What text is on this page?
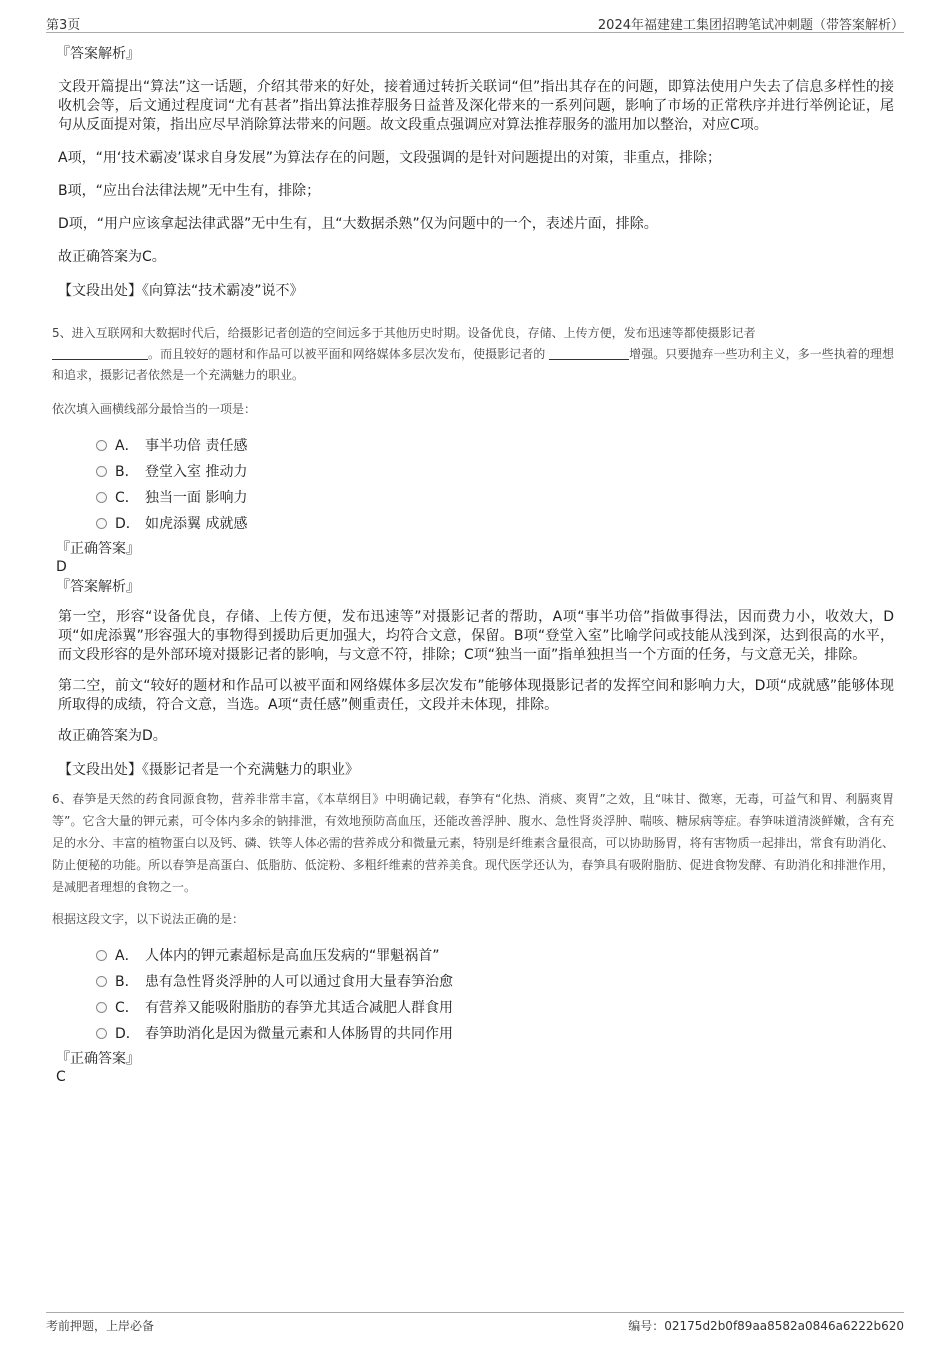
第3页	2024年福建建工集团招聘笔试冲刺题（带答案解析）

『答案解析』

文段开篇提出“算法”这一话题，介绍其带来的好处，接着通过转折关联词“但”指出其存在的问题，即算法使用户失去了信息多样性的接收机会等，后文通过程度词“尤有甚者”指出算法推荐服务日益普及深化带来的一系列问题，影响了市场的正常秩序并进行举例论证，尾句从反面提对策，指出应尽早消除算法带来的问题。故文段重点强调应对算法推荐服务的滥用加以整治，对应C项。

A项，“用‘技术霸凌’谋求自身发展”为算法存在的问题，文段强调的是针对问题提出的对策，非重点，排除；

B项，“应出台法律法规”无中生有，排除；

D项，“用户应该拿起法律武器”无中生有，且“大数据杀熟”仅为问题中的一个，表述片面，排除。

故正确答案为C。

【文段出处】《向算法“技术霸凌”说不》

5、进入互联网和大数据时代后，给摄影记者创造的空间远多于其他历史时期。设备优良，存储、上传方便，发布迅速等都使摄影记者
。而且较好的题材和作品可以被平面和网络媒体多层次发布，使摄影记者的	增强。只要抛弃一些功利主义，多一些执着的理想和追求，摄影记者依然是一个充满魅力的职业。

依次填入画横线部分最恰当的一项是：

A． 事半功倍 责任感
B． 登堂入室 推动力
C． 独当一面 影响力
D． 如虎添翼 成就感

『正确答案』

D

『答案解析』

第一空，形容“设备优良，存储、上传方便，发布迅速等”对摄影记者的帮助，A项“事半功倍”指做事得法，因而费力小，收效大，D项“如虎添翼”形容强大的事物得到援助后更加强大，均符合文意，保留。B项“登堂入室”比喻学问或技能从浅到深，达到很高的水平，而文段形容的是外部环境对摄影记者的影响，与文意不符，排除；C项“独当一面”指单独担当一个方面的任务，与文意无关，排除。

第二空，前文“较好的题材和作品可以被平面和网络媒体多层次发布”能够体现摄影记者的发挥空间和影响力大，D项“成就感”能够体现所取得的成绩，符合文意，当选。A项“责任感”侧重责任，文段并未体现，排除。

故正确答案为D。

【文段出处】《摄影记者是一个充满魅力的职业》

6、春笋是天然的药食同源食物，营养非常丰富，《本草纲目》中明确记载，春笋有“化热、消痰、爽胃”之效，且“味甘、微寒，无毒，可益气和胃、利膈爽胃等”。它含大量的钾元素，可令体内多余的钠排泄，有效地预防高血压，还能改善浮肿、腹水、急性肾炎浮肿、喘咳、糖尿病等症。春笋味道清淡鲜嫩，含有充足的水分、丰富的植物蛋白以及钙、磷、铁等人体必需的营养成分和微量元素，特别是纤维素含量很高，可以协助肠胃，将有害物质一起排出，常食有助消化、防止便秘的功能。所以春笋是高蛋白、低脂肪、低淀粉、多粗纤维素的营养美食。现代医学还认为，春笋具有吸附脂肪、促进食物发酵、有助消化和排泄作用，是减肥者理想的食物之一。

根据这段文字，以下说法正确的是：

A． 人体内的钾元素超标是高血压发病的“罪魁祸首”
B． 患有急性肾炎浮肿的人可以通过食用大量春笋治愈
C． 有营养又能吸附脂肪的春笋尤其适合减肥人群食用
D． 春笋助消化是因为微量元素和人体肠胃的共同作用

『正确答案』

C

考前押题，上岸必备	编号：02175d2b0f89aa8582a0846a6222b620
